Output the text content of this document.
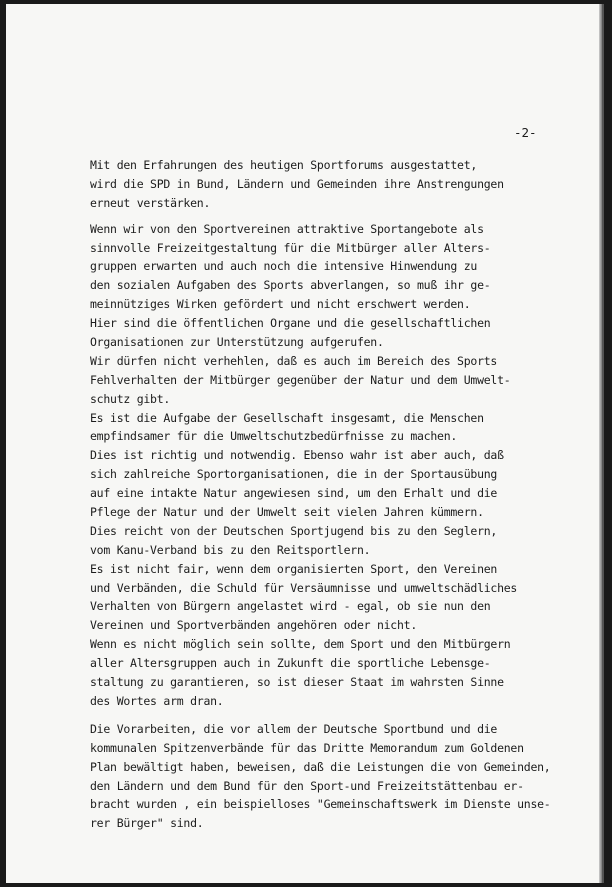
-2-

Mit den Erfahrungen des heutigen Sportforums ausgestattet,
wird die SPD in Bund, Ländern und Gemeinden ihre Anstrengungen
erneut verstärken.
Wenn wir von den Sportvereinen attraktive Sportangebote als
sinnvolle Freizeitgestaltung für die Mitbürger aller Alters-
gruppen erwarten und auch noch die intensive Hinwendung zu
den sozialen Aufgaben des Sports abverlangen, so muß ihr ge-
meinnütziges Wirken gefördert und nicht erschwert werden.
Hier sind die öffentlichen Organe und die gesellschaftlichen
Organisationen zur Unterstützung aufgerufen.
Wir dürfen nicht verhehlen, daß es auch im Bereich des Sports
Fehlverhalten der Mitbürger gegenüber der Natur und dem Umwelt-
schutz gibt.
Es ist die Aufgabe der Gesellschaft insgesamt, die Menschen
empfindsamer für die Umweltschutzbedürfnisse zu machen.
Dies ist richtig und notwendig. Ebenso wahr ist aber auch, daß
sich zahlreiche Sportorganisationen, die in der Sportausübung
auf eine intakte Natur angewiesen sind, um den Erhalt und die
Pflege der Natur und der Umwelt seit vielen Jahren kümmern.
Dies reicht von der Deutschen Sportjugend bis zu den Seglern,
vom Kanu-Verband bis zu den Reitsportlern.
Es ist nicht fair, wenn dem organisierten Sport, den Vereinen
und Verbänden, die Schuld für Versäumnisse und umweltschädliches
Verhalten von Bürgern angelastet wird - egal, ob sie nun den
Vereinen und Sportverbänden angehören oder nicht.
Wenn es nicht möglich sein sollte, dem Sport und den Mitbürgern
aller Altersgruppen auch in Zukunft die sportliche Lebensge-
staltung zu garantieren, so ist dieser Staat im wahrsten Sinne
des Wortes arm dran.
Die Vorarbeiten, die vor allem der Deutsche Sportbund und die
kommunalen Spitzenverbände für das Dritte Memorandum zum Goldenen
Plan bewältigt haben, beweisen, daß die Leistungen die von Gemeinden,
den Ländern und dem Bund für den Sport-und Freizeitstättenbau er-
bracht wurden , ein beispielloses "Gemeinschaftswerk im Dienste unse-
rer Bürger" sind.
